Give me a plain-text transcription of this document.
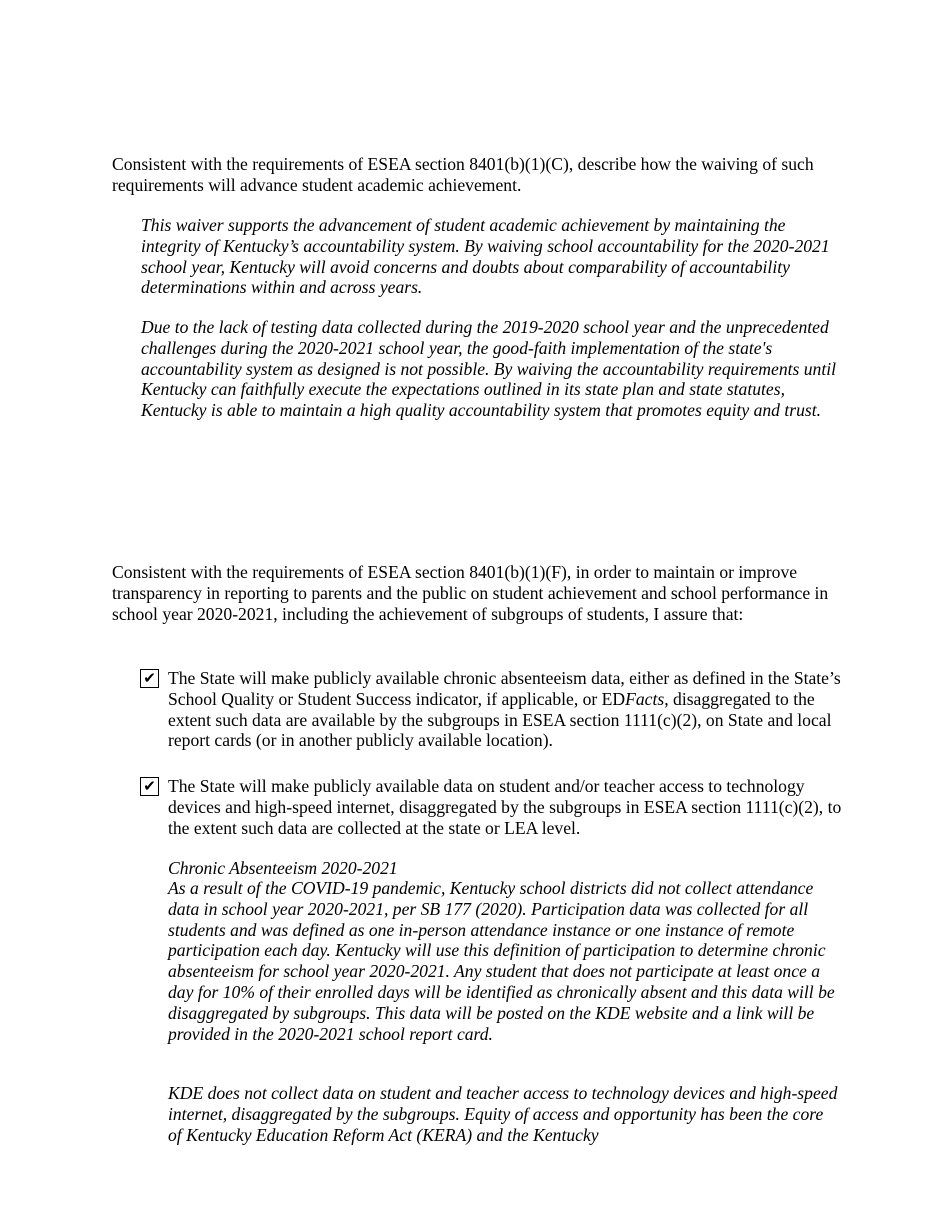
Consistent with the requirements of ESEA section 8401(b)(1)(C), describe how the waiving of such requirements will advance student academic achievement.

This waiver supports the advancement of student academic achievement by maintaining the integrity of Kentucky’s accountability system. By waiving school accountability for the 2020-2021 school year, Kentucky will avoid concerns and doubts about comparability of accountability determinations within and across years.

Due to the lack of testing data collected during the 2019-2020 school year and the unprecedented challenges during the 2020-2021 school year, the good-faith implementation of the state's accountability system as designed is not possible. By waiving the accountability requirements until Kentucky can faithfully execute the expectations outlined in its state plan and state statutes, Kentucky is able to maintain a high quality accountability system that promotes equity and trust.

Consistent with the requirements of ESEA section 8401(b)(1)(F), in order to maintain or improve transparency in reporting to parents and the public on student achievement and school performance in school year 2020-2021, including the achievement of subgroups of students, I assure that:

✔ The State will make publicly available chronic absenteeism data, either as defined in the State’s School Quality or Student Success indicator, if applicable, or EDFacts, disaggregated to the extent such data are available by the subgroups in ESEA section 1111(c)(2), on State and local report cards (or in another publicly available location).
✔ The State will make publicly available data on student and/or teacher access to technology devices and high-speed internet, disaggregated by the subgroups in ESEA section 1111(c)(2), to the extent such data are collected at the state or LEA level.

Chronic Absenteeism 2020-2021

As a result of the COVID-19 pandemic, Kentucky school districts did not collect attendance data in school year 2020-2021, per SB 177 (2020). Participation data was collected for all students and was defined as one in-person attendance instance or one instance of remote participation each day. Kentucky will use this definition of participation to determine chronic absenteeism for school year 2020-2021. Any student that does not participate at least once a day for 10% of their enrolled days will be identified as chronically absent and this data will be disaggregated by subgroups. This data will be posted on the KDE website and a link will be provided in the 2020-2021 school report card.

KDE does not collect data on student and teacher access to technology devices and high-speed internet, disaggregated by the subgroups. Equity of access and opportunity has been the core of Kentucky Education Reform Act (KERA) and the Kentucky
